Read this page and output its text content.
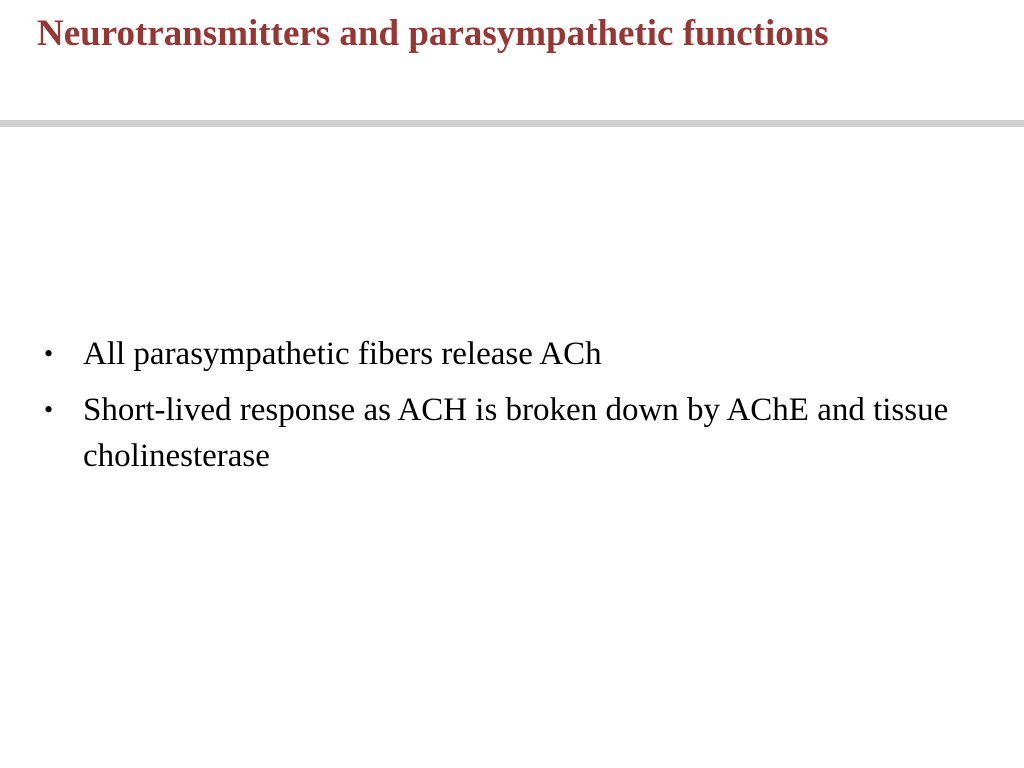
Neurotransmitters and parasympathetic functions
• All parasympathetic fibers release ACh
• Short-lived response as ACH is broken down by AChE and tissue cholinesterase
